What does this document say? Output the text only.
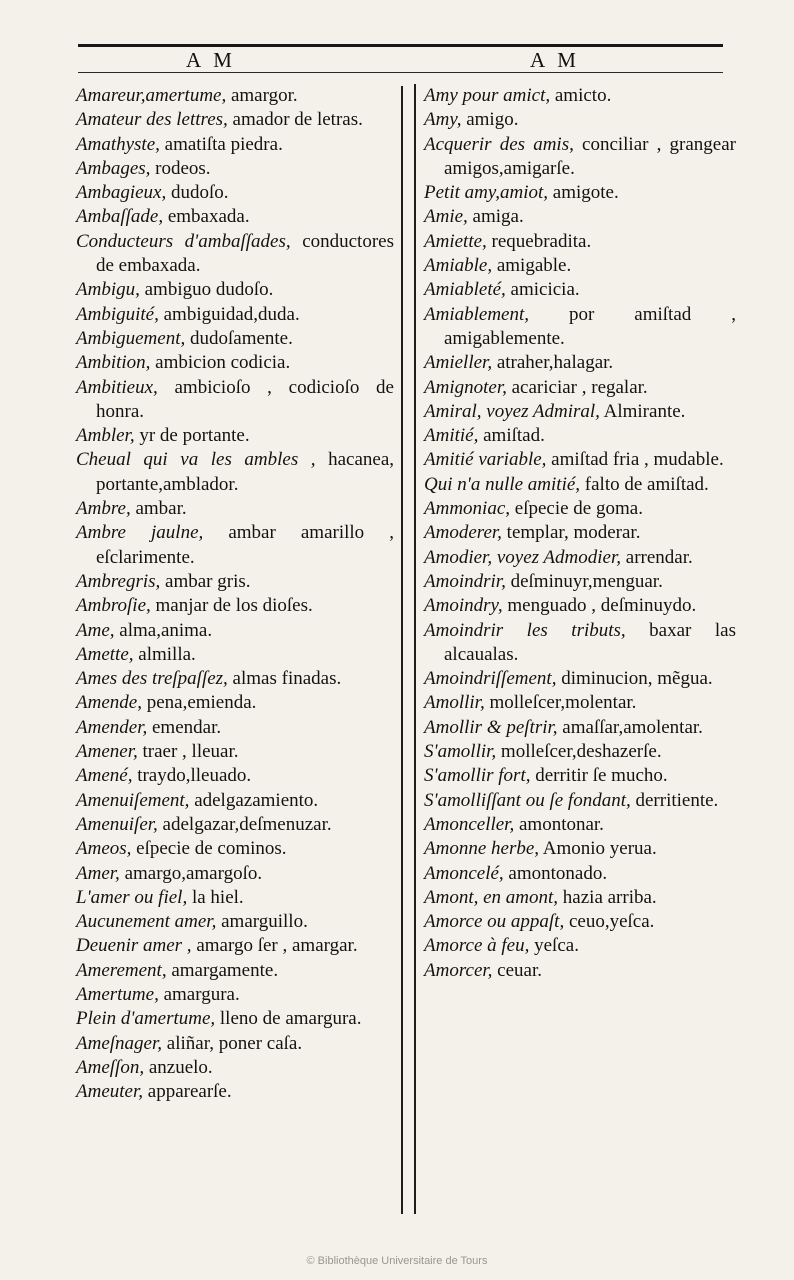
A M	A M
Amareur,amertume, amargor.
Amateur des lettres, amador de letras.
Amathyste, amatiſta piedra.
Ambages, rodeos.
Ambagieux, dudoſo.
Ambaſſade, embaxada.
Conducteurs d'ambaſſades, conductores de embaxada.
Ambigu, ambiguo dudoſo.
Ambiguité, ambiguidad,duda.
Ambiguement, dudoſamente.
Ambition, ambicion codicia.
Ambitieux, ambicioſo , codicioſo de honra.
Ambler, yr de portante.
Cheual qui va les ambles , hacanea, portante,amblador.
Ambre, ambar.
Ambre jaulne, ambar amarillo , eſclarimente.
Ambregris, ambar gris.
Ambroſie, manjar de los dioſes.
Ame, alma,anima.
Amette, almilla.
Ames des treſpaſſez, almas finadas.
Amende, pena,emienda.
Amender, emendar.
Amener, traer , lleuar.
Amené, traydo,lleuado.
Amenuiſement, adelgazamiento.
Amenuiſer, adelgazar,deſmenuzar.
Ameos, eſpecie de cominos.
Amer, amargo,amargoſo.
L'amer ou fiel, la hiel.
Aucunement amer, amarguillo.
Deuenir amer , amargo ſer , amargar.
Amerement, amargamente.
Amertume, amargura.
Plein d'amertume, lleno de amargura.
Ameſnager, aliñar, poner caſa.
Ameſſon, anzuelo.
Ameuter, apparearſe.
Amy pour amict, amicto.
Amy, amigo.
Acquerir des amis, conciliar , grangear amigos,amigarſe.
Petit amy,amiot, amigote.
Amie, amiga.
Amiette, requebradita.
Amiable, amigable.
Amiableté, amicicia.
Amiablement, por amiſtad , amigablemente.
Amieller, atraher,halagar.
Amignoter, acariciar , regalar.
Amiral, voyez Admiral, Almirante.
Amitié, amiſtad.
Amitié variable, amiſtad fria , mudable.
Qui n'a nulle amitié, falto de amiſtad.
Ammoniac, eſpecie de goma.
Amoderer, templar, moderar.
Amodier, voyez Admodier, arrendar.
Amoindrir, deſminuyr,menguar.
Amoindry, menguado , deſminuydo.
Amoindrir les tributs, baxar las alcaualas.
Amoindriſſement, diminucion, mẽgua.
Amollir, molleſcer,molentar.
Amollir & peſtrir, amaſſar,amolentar.
S'amollir, molleſcer,deshazerſe.
S'amollir fort, derritir ſe mucho.
S'amolliſſant ou ſe fondant, derritiente.
Amonceller, amontonar.
Amonne herbe, Amonio yerua.
Amoncelé, amontonado.
Amont, en amont, hazia arriba.
Amorce ou appaſt, ceuo,yeſca.
Amorce à feu, yeſca.
Amorcer, ceuar.
© Bibliothèque Universitaire de Tours
